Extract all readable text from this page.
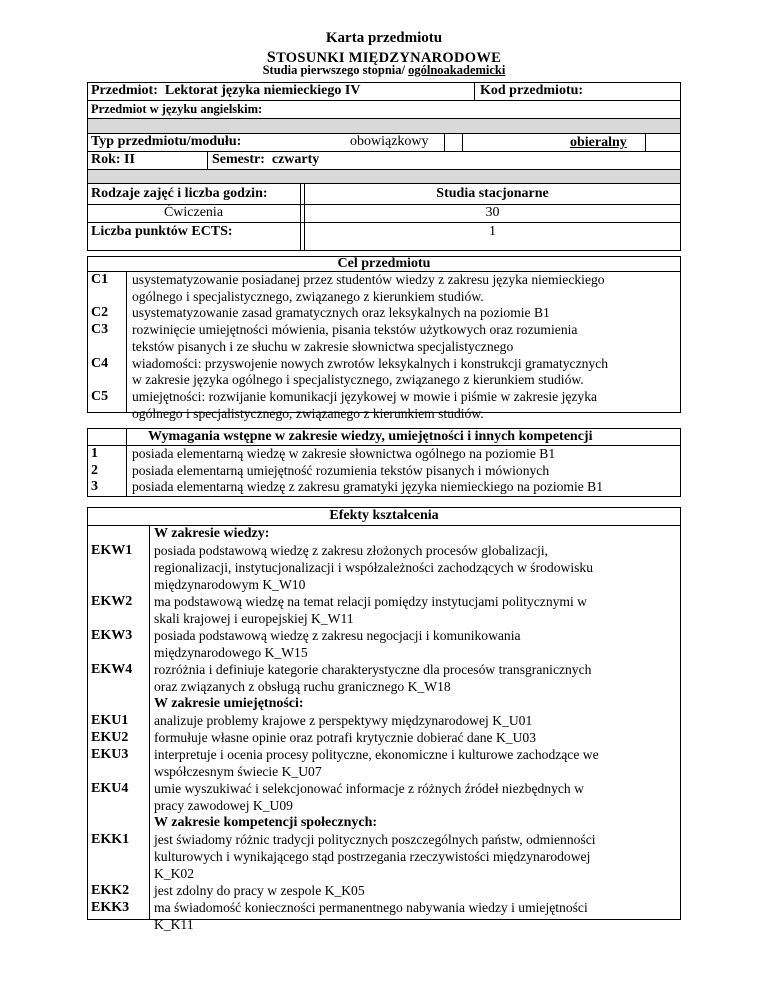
Karta przedmiotu
STOSUNKI MIĘDZYNARODOWE
Studia pierwszego stopnia/ ogólnoakademicki
Przedmiot: Lektorat języka niemieckiego IV	Kod przedmiotu:
Przedmiot w języku angielskim:
Typ przedmiotu/modułu:	obowiązkowy	obieralny
Rok: II	Semestr: czwarty
Rodzaje zajęć i liczba godzin:	Studia stacjonarne
Ćwiczenia	30
Liczba punktów ECTS:	1
Cel przedmiotu
Wymagania wstępne w zakresie wiedzy, umiejętności i innych kompetencji
Efekty kształcenia
C1 usystematyzowanie posiadanej przez studentów wiedzy z zakresu języka niemieckiego
ogólnego i specjalistycznego, związanego z kierunkiem studiów.
C2 usystematyzowanie zasad gramatycznych oraz leksykalnych na poziomie B1
C3 rozwinięcie umiejętności mówienia, pisania tekstów użytkowych oraz rozumienia
tekstów pisanych i ze słuchu w zakresie słownictwa specjalistycznego
C4 wiadomości: przyswojenie nowych zwrotów leksykalnych i konstrukcji gramatycznych
w zakresie języka ogólnego i specjalistycznego, związanego z kierunkiem studiów.
C5 umiejętności: rozwijanie komunikacji językowej w mowie i piśmie w zakresie języka
ogólnego i specjalistycznego, związanego z kierunkiem studiów.
1	posiada elementarną wiedzę w zakresie słownictwa ogólnego na poziomie B1
2	posiada elementarną umiejętność rozumienia tekstów pisanych i mówionych
3	posiada elementarną wiedzę z zakresu gramatyki języka niemieckiego na poziomie B1
W zakresie wiedzy:
EKW1 posiada podstawową wiedzę z zakresu złożonych procesów globalizacji,
regionalizacji, instytucjonalizacji i współzależności zachodzących w środowisku
międzynarodowym K_W10
EKW2 ma podstawową wiedzę na temat relacji pomiędzy instytucjami politycznymi w
skali krajowej i europejskiej K_W11
EKW3 posiada podstawową wiedzę z zakresu negocjacji i komunikowania
międzynarodowego K_W15
EKW4 rozróżnia i definiuje kategorie charakterystyczne dla procesów transgranicznych
oraz związanych z obsługą ruchu granicznego K_W18
W zakresie umiejętności:
EKU1 analizuje problemy krajowe z perspektywy międzynarodowej K_U01
EKU2 formułuje własne opinie oraz potrafi krytycznie dobierać dane K_U03
EKU3 interpretuje i ocenia procesy polityczne, ekonomiczne i kulturowe zachodzące we
współczesnym świecie K_U07
EKU4 umie wyszukiwać i selekcjonować informacje z różnych źródeł niezbędnych w
pracy zawodowej K_U09
W zakresie kompetencji społecznych:
EKK1 jest świadomy różnic tradycji politycznych poszczególnych państw, odmienności
kulturowych i wynikającego stąd postrzegania rzeczywistości międzynarodowej
K_K02
EKK2 jest zdolny do pracy w zespole K_K05
EKK3 ma świadomość konieczności permanentnego nabywania wiedzy i umiejętności
K_K11
